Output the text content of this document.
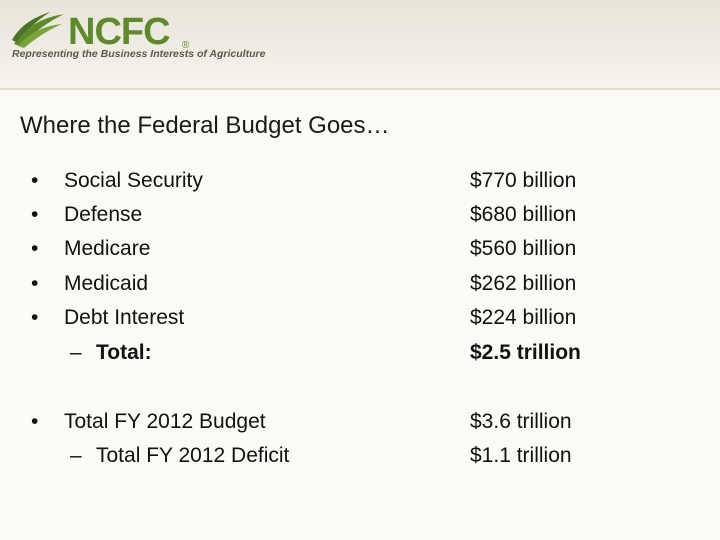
NCFC ®
Representing the Business Interests of Agriculture
Where the Federal Budget Goes…
• Social Security	$770 billion
• Defense	$680 billion
• Medicare	$560 billion
• Medicaid	$262 billion
• Debt Interest	$224 billion
– Total:	$2.5 trillion
• Total FY 2012 Budget	$3.6 trillion
– Total FY 2012 Deficit	$1.1 trillion
